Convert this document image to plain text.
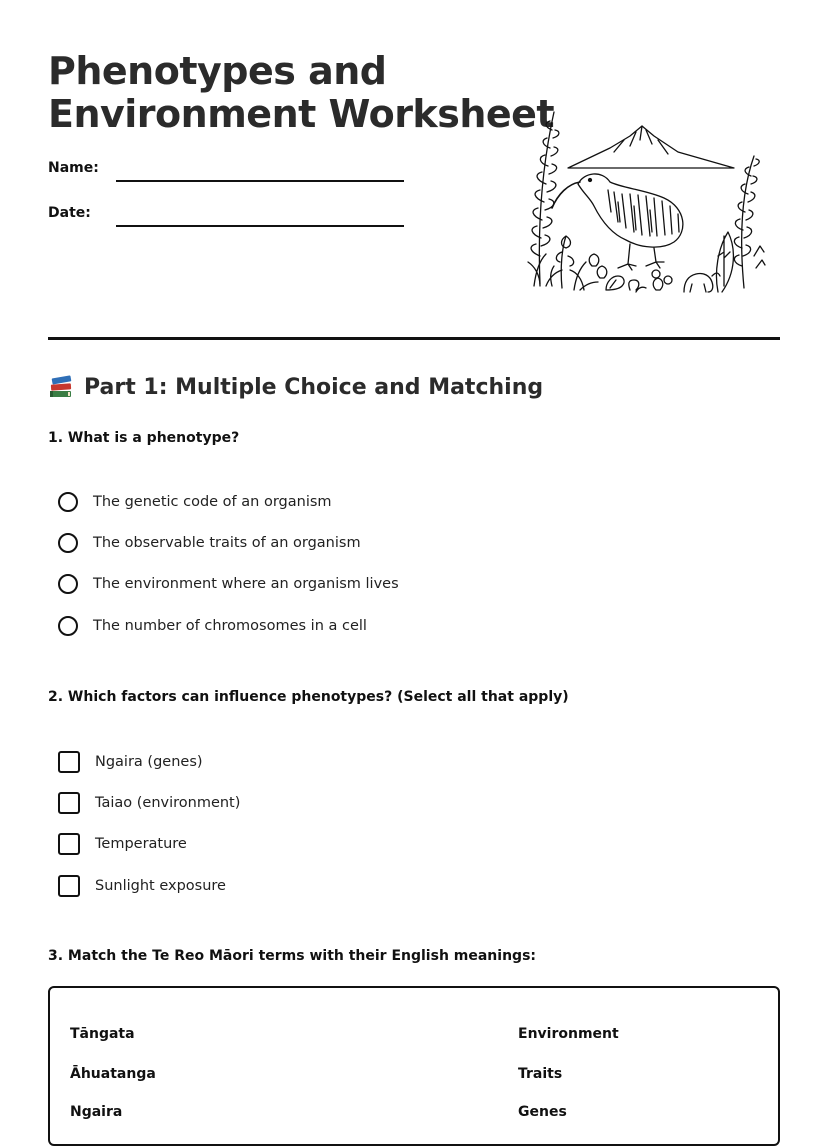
Phenotypes and
Environment Worksheet
Name:
Date:
Part 1: Multiple Choice and Matching
1. What is a phenotype?
The genetic code of an organism
The observable traits of an organism
The environment where an organism lives
The number of chromosomes in a cell
2. Which factors can influence phenotypes? (Select all that apply)
Ngaira (genes)
Taiao (environment)
Temperature
Sunlight exposure
3. Match the Te Reo Māori terms with their English meanings:
Tāngata
Āhuatanga
Ngaira
Environment
Traits
Genes
